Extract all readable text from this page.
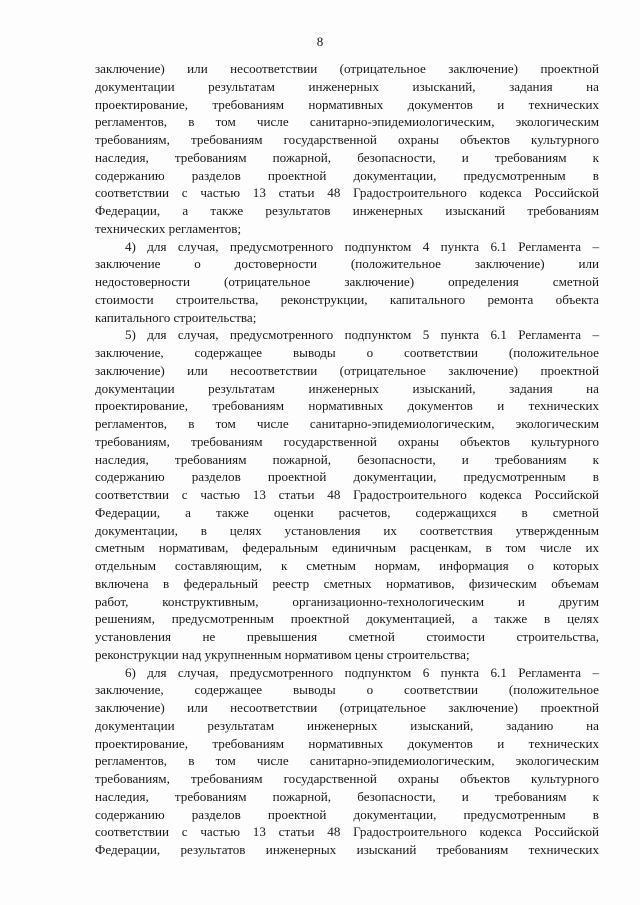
8

заключение) или несоответствии (отрицательное заключение) проектной

документации результатам инженерных изысканий, задания на

проектирование, требованиям нормативных документов и технических

регламентов, в том числе санитарно-эпидемиологическим, экологическим

требованиям, требованиям государственной охраны объектов культурного

наследия, требованиям пожарной, безопасности, и требованиям к

содержанию разделов проектной документации, предусмотренным в

соответствии с частью 13 статьи 48 Градостроительного кодекса Российской

Федерации, а также результатов инженерных изысканий требованиям

технических регламентов;

4) для случая, предусмотренного подпунктом 4 пункта 6.1 Регламента –

заключение о достоверности (положительное заключение) или

недостоверности (отрицательное заключение) определения сметной

стоимости строительства, реконструкции, капитального ремонта объекта

капитального строительства;

5) для случая, предусмотренного подпунктом 5 пункта 6.1 Регламента –

заключение, содержащее выводы о соответствии (положительное

заключение) или несоответствии (отрицательное заключение) проектной

документации результатам инженерных изысканий, задания на

проектирование, требованиям нормативных документов и технических

регламентов, в том числе санитарно-эпидемиологическим, экологическим

требованиям, требованиям государственной охраны объектов культурного

наследия, требованиям пожарной, безопасности, и требованиям к

содержанию разделов проектной документации, предусмотренным в

соответствии с частью 13 статьи 48 Градостроительного кодекса Российской

Федерации, а также оценки расчетов, содержащихся в сметной

документации, в целях установления их соответствия утвержденным

сметным нормативам, федеральным единичным расценкам, в том числе их

отдельным составляющим, к сметным нормам, информация о которых

включена в федеральный реестр сметных нормативов, физическим объемам

работ, конструктивным, организационно-технологическим и другим

решениям, предусмотренным проектной документацией, а также в целях

установления не превышения сметной стоимости строительства,

реконструкции над укрупненным нормативом цены строительства;

6) для случая, предусмотренного подпунктом 6 пункта 6.1 Регламента –

заключение, содержащее выводы о соответствии (положительное

заключение) или несоответствии (отрицательное заключение) проектной

документации результатам инженерных изысканий, заданию на

проектирование, требованиям нормативных документов и технических

регламентов, в том числе санитарно-эпидемиологическим, экологическим

требованиям, требованиям государственной охраны объектов культурного

наследия, требованиям пожарной, безопасности, и требованиям к

содержанию разделов проектной документации, предусмотренным в

соответствии с частью 13 статьи 48 Градостроительного кодекса Российской

Федерации, результатов инженерных изысканий требованиям технических
